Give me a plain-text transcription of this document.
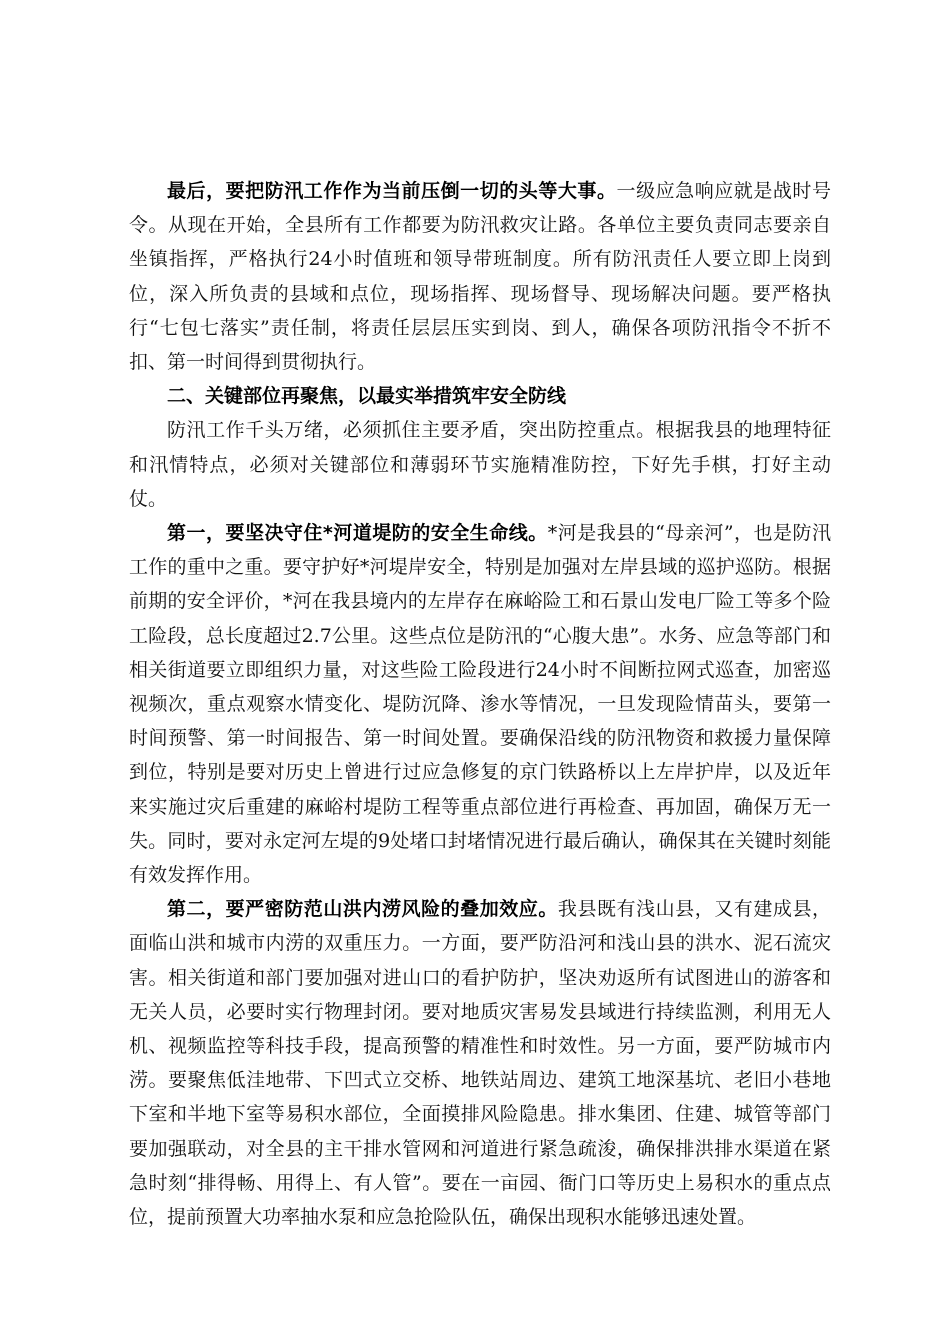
最后，要把防汛工作作为当前压倒一切的头等大事。一级应急响应就是战时号令。从现在开始，全县所有工作都要为防汛救灾让路。各单位主要负责同志要亲自坐镇指挥，严格执行24小时值班和领导带班制度。所有防汛责任人要立即上岗到位，深入所负责的县域和点位，现场指挥、现场督导、现场解决问题。要严格执行“七包七落实”责任制，将责任层层压实到岗、到人，确保各项防汛指令不折不扣、第一时间得到贯彻执行。

二、关键部位再聚焦，以最实举措筑牢安全防线

防汛工作千头万绪，必须抓住主要矛盾，突出防控重点。根据我县的地理特征和汛情特点，必须对关键部位和薄弱环节实施精准防控，下好先手棋，打好主动仗。

第一，要坚决守住*河道堤防的安全生命线。*河是我县的“母亲河”，也是防汛工作的重中之重。要守护好*河堤岸安全，特别是加强对左岸县域的巡护巡防。根据前期的安全评价，*河在我县境内的左岸存在麻峪险工和石景山发电厂险工等多个险工险段，总长度超过2.7公里。这些点位是防汛的“心腹大患”。水务、应急等部门和相关街道要立即组织力量，对这些险工险段进行24小时不间断拉网式巡查，加密巡视频次，重点观察水情变化、堤防沉降、渗水等情况，一旦发现险情苗头，要第一时间预警、第一时间报告、第一时间处置。要确保沿线的防汛物资和救援力量保障到位，特别是要对历史上曾进行过应急修复的京门铁路桥以上左岸护岸，以及近年来实施过灾后重建的麻峪村堤防工程等重点部位进行再检查、再加固，确保万无一失。同时，要对永定河左堤的9处堵口封堵情况进行最后确认，确保其在关键时刻能有效发挥作用。

第二，要严密防范山洪内涝风险的叠加效应。我县既有浅山县，又有建成县，面临山洪和城市内涝的双重压力。一方面，要严防沿河和浅山县的洪水、泥石流灾害。相关街道和部门要加强对进山口的看护防护，坚决劝返所有试图进山的游客和无关人员，必要时实行物理封闭。要对地质灾害易发县域进行持续监测，利用无人机、视频监控等科技手段，提高预警的精准性和时效性。另一方面，要严防城市内涝。要聚焦低洼地带、下凹式立交桥、地铁站周边、建筑工地深基坑、老旧小巷地下室和半地下室等易积水部位，全面摸排风险隐患。排水集团、住建、城管等部门要加强联动，对全县的主干排水管网和河道进行紧急疏浚，确保排洪排水渠道在紧急时刻“排得畅、用得上、有人管”。要在一亩园、衙门口等历史上易积水的重点点位，提前预置大功率抽水泵和应急抢险队伍，确保出现积水能够迅速处置。
